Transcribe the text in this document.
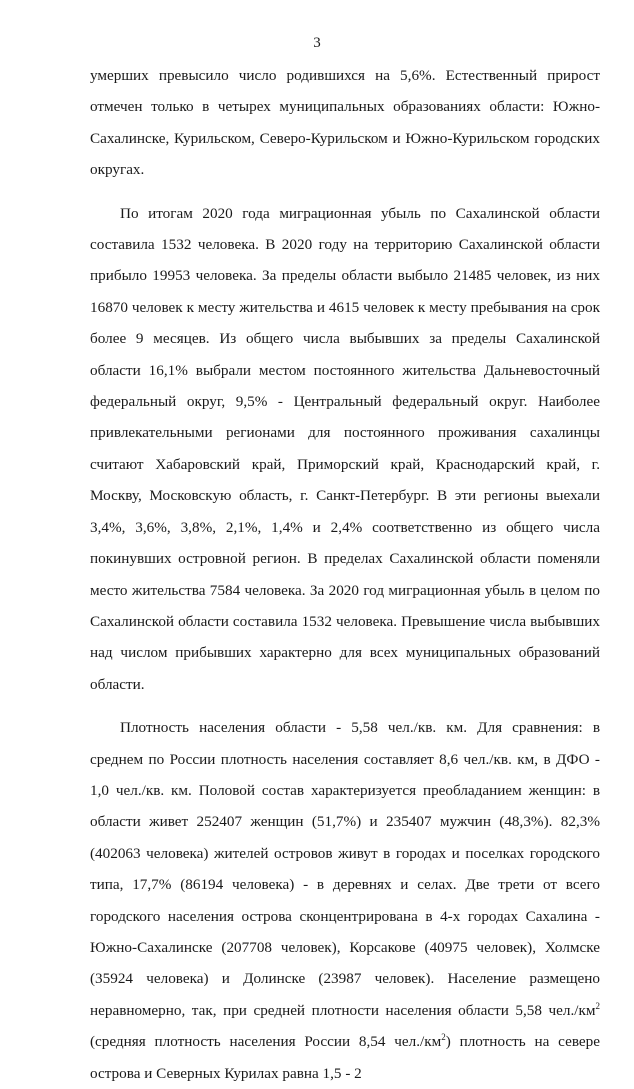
3

умерших превысило число родившихся на 5,6%. Естественный прирост отмечен только в четырех муниципальных образованиях области: Южно-Сахалинске, Курильском, Северо-Курильском и Южно-Курильском городских округах.

По итогам 2020 года миграционная убыль по Сахалинской области составила 1532 человека. В 2020 году на территорию Сахалинской области прибыло 19953 человека. За пределы области выбыло 21485 человек, из них 16870 человек к месту жительства и 4615 человек к месту пребывания на срок более 9 месяцев. Из общего числа выбывших за пределы Сахалинской области 16,1% выбрали местом постоянного жительства Дальневосточный федеральный округ, 9,5% - Центральный федеральный округ. Наиболее привлекательными регионами для постоянного проживания сахалинцы считают Хабаровский край, Приморский край, Краснодарский край, г. Москву, Московскую область, г. Санкт-Петербург. В эти регионы выехали 3,4%, 3,6%, 3,8%, 2,1%, 1,4% и 2,4% соответственно из общего числа покинувших островной регион. В пределах Сахалинской области поменяли место жительства 7584 человека. За 2020 год миграционная убыль в целом по Сахалинской области составила 1532 человека. Превышение числа выбывших над числом прибывших характерно для всех муниципальных образований области.

Плотность населения области - 5,58 чел./кв. км. Для сравнения: в среднем по России плотность населения составляет 8,6 чел./кв. км, в ДФО - 1,0 чел./кв. км. Половой состав характеризуется преобладанием женщин: в области живет 252407 женщин (51,7%) и 235407 мужчин (48,3%). 82,3% (402063 человека) жителей островов живут в городах и поселках городского типа, 17,7% (86194 человека) - в деревнях и селах. Две трети от всего городского населения острова сконцентрирована в 4-х городах Сахалина - Южно-Сахалинске (207708 человек), Корсакове (40975 человек), Холмске (35924 человека) и Долинске (23987 человек). Население размещено неравномерно, так, при средней плотности населения области 5,58 $чел./км^2$ (средняя плотность населения России 8,54 $чел./км^2$) плотность на севере острова и Северных Курилах равна 1,5 - 2
